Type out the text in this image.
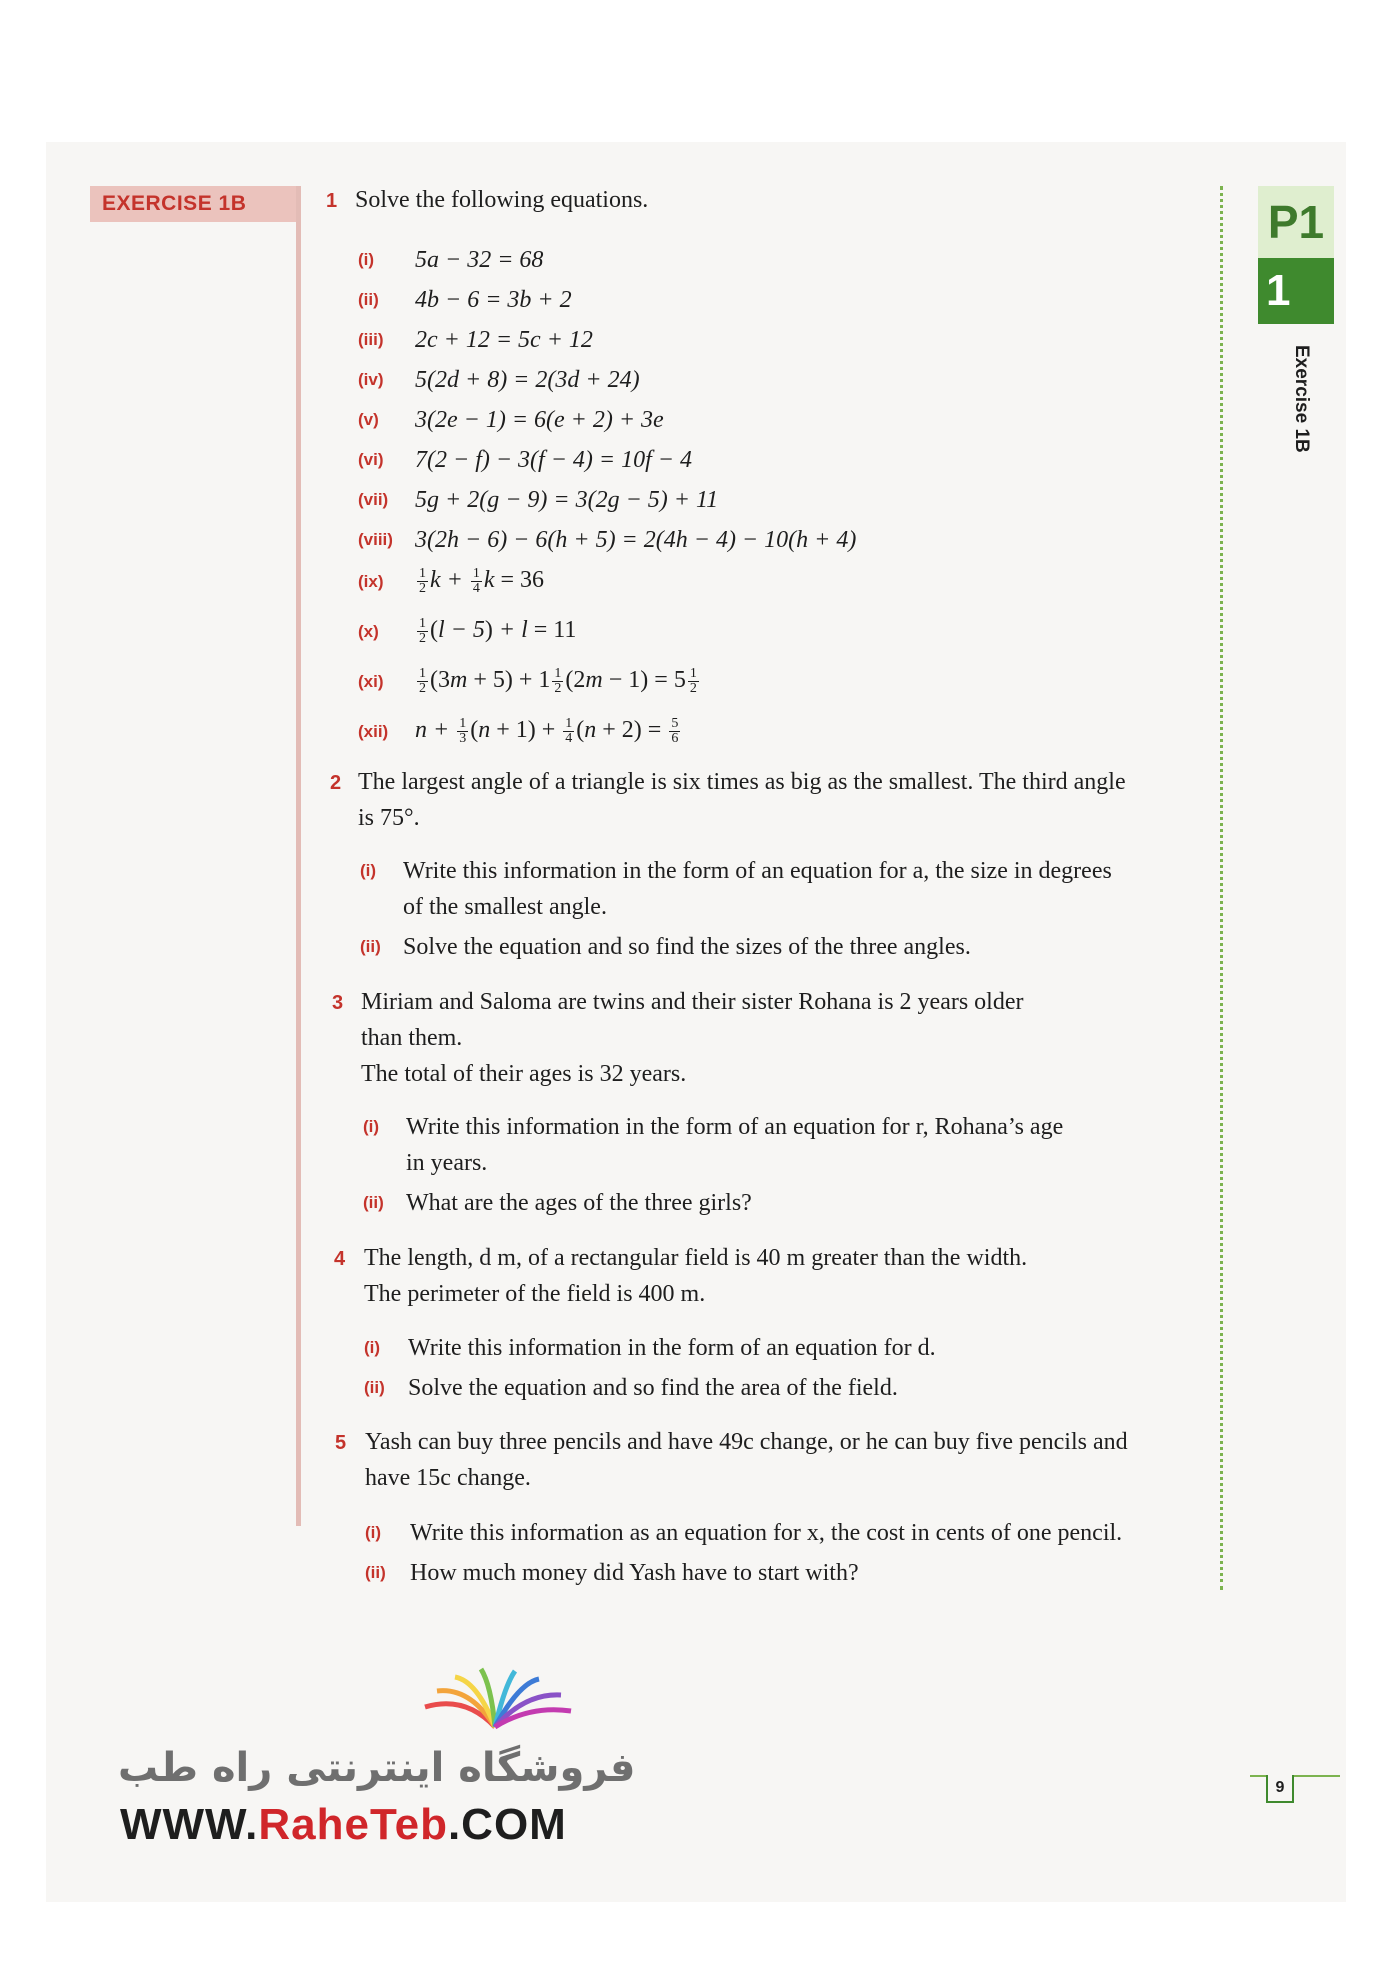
EXERCISE 1B	P1
1
Exercise 1B
9
1 Solve the following equations.
(i) 5a − 32 = 68
(ii) 4b − 6 = 3b + 2
(iii) 2c + 12 = 5c + 12
(iv) 5(2d + 8) = 2(3d + 24)
(v) 3(2e − 1) = 6(e + 2) + 3e
(vi) 7(2 − f) − 3(f − 4) = 10f − 4
(vii) 5g + 2(g − 9) = 3(2g − 5) + 11
(viii) 3(2h − 6) − 6(h + 5) = 2(4h − 4) − 10(h + 4)
$(ix) \frac{1}{2}$ $k + \frac{1}{4}$ k = 36
(x)	$\frac{1}{2} (l - 5) + l = 11$
$(xi) \frac{1}{2} (3m + 5) + 1 \frac{1}{2} (2m - 1) = 5 \frac{1}{2}$
(xii) $n + \frac{1}{3} (n + 1) + \frac{1}{4} (n + 2) = \frac{5}{6}$
2 The largest angle of a triangle is six times as big as the smallest. The third angle
is 75°.
(i) Write this information in the form of an equation for a, the size in degrees
of the smallest angle.
(ii) Solve the equation and so find the sizes of the three angles.
3 Miriam and Saloma are twins and their sister Rohana is 2 years older
than them.
The total of their ages is 32 years.
(i) Write this information in the form of an equation for r, Rohana’s age
in years.
(ii) What are the ages of the three girls?
4 The length, d m, of a rectangular field is 40 m greater than the width.
The perimeter of the field is 400 m.
(i) Write this information in the form of an equation for d.
(ii) Solve the equation and so find the area of the field.
5 Yash can buy three pencils and have 49c change, or he can buy five pencils and
have 15c change.
(i) Write this information as an equation for x, the cost in cents of one pencil.
(ii) How much money did Yash have to start with?
فروشگاه اینترنتی راه طب
WWW.RaheTeb.COM
